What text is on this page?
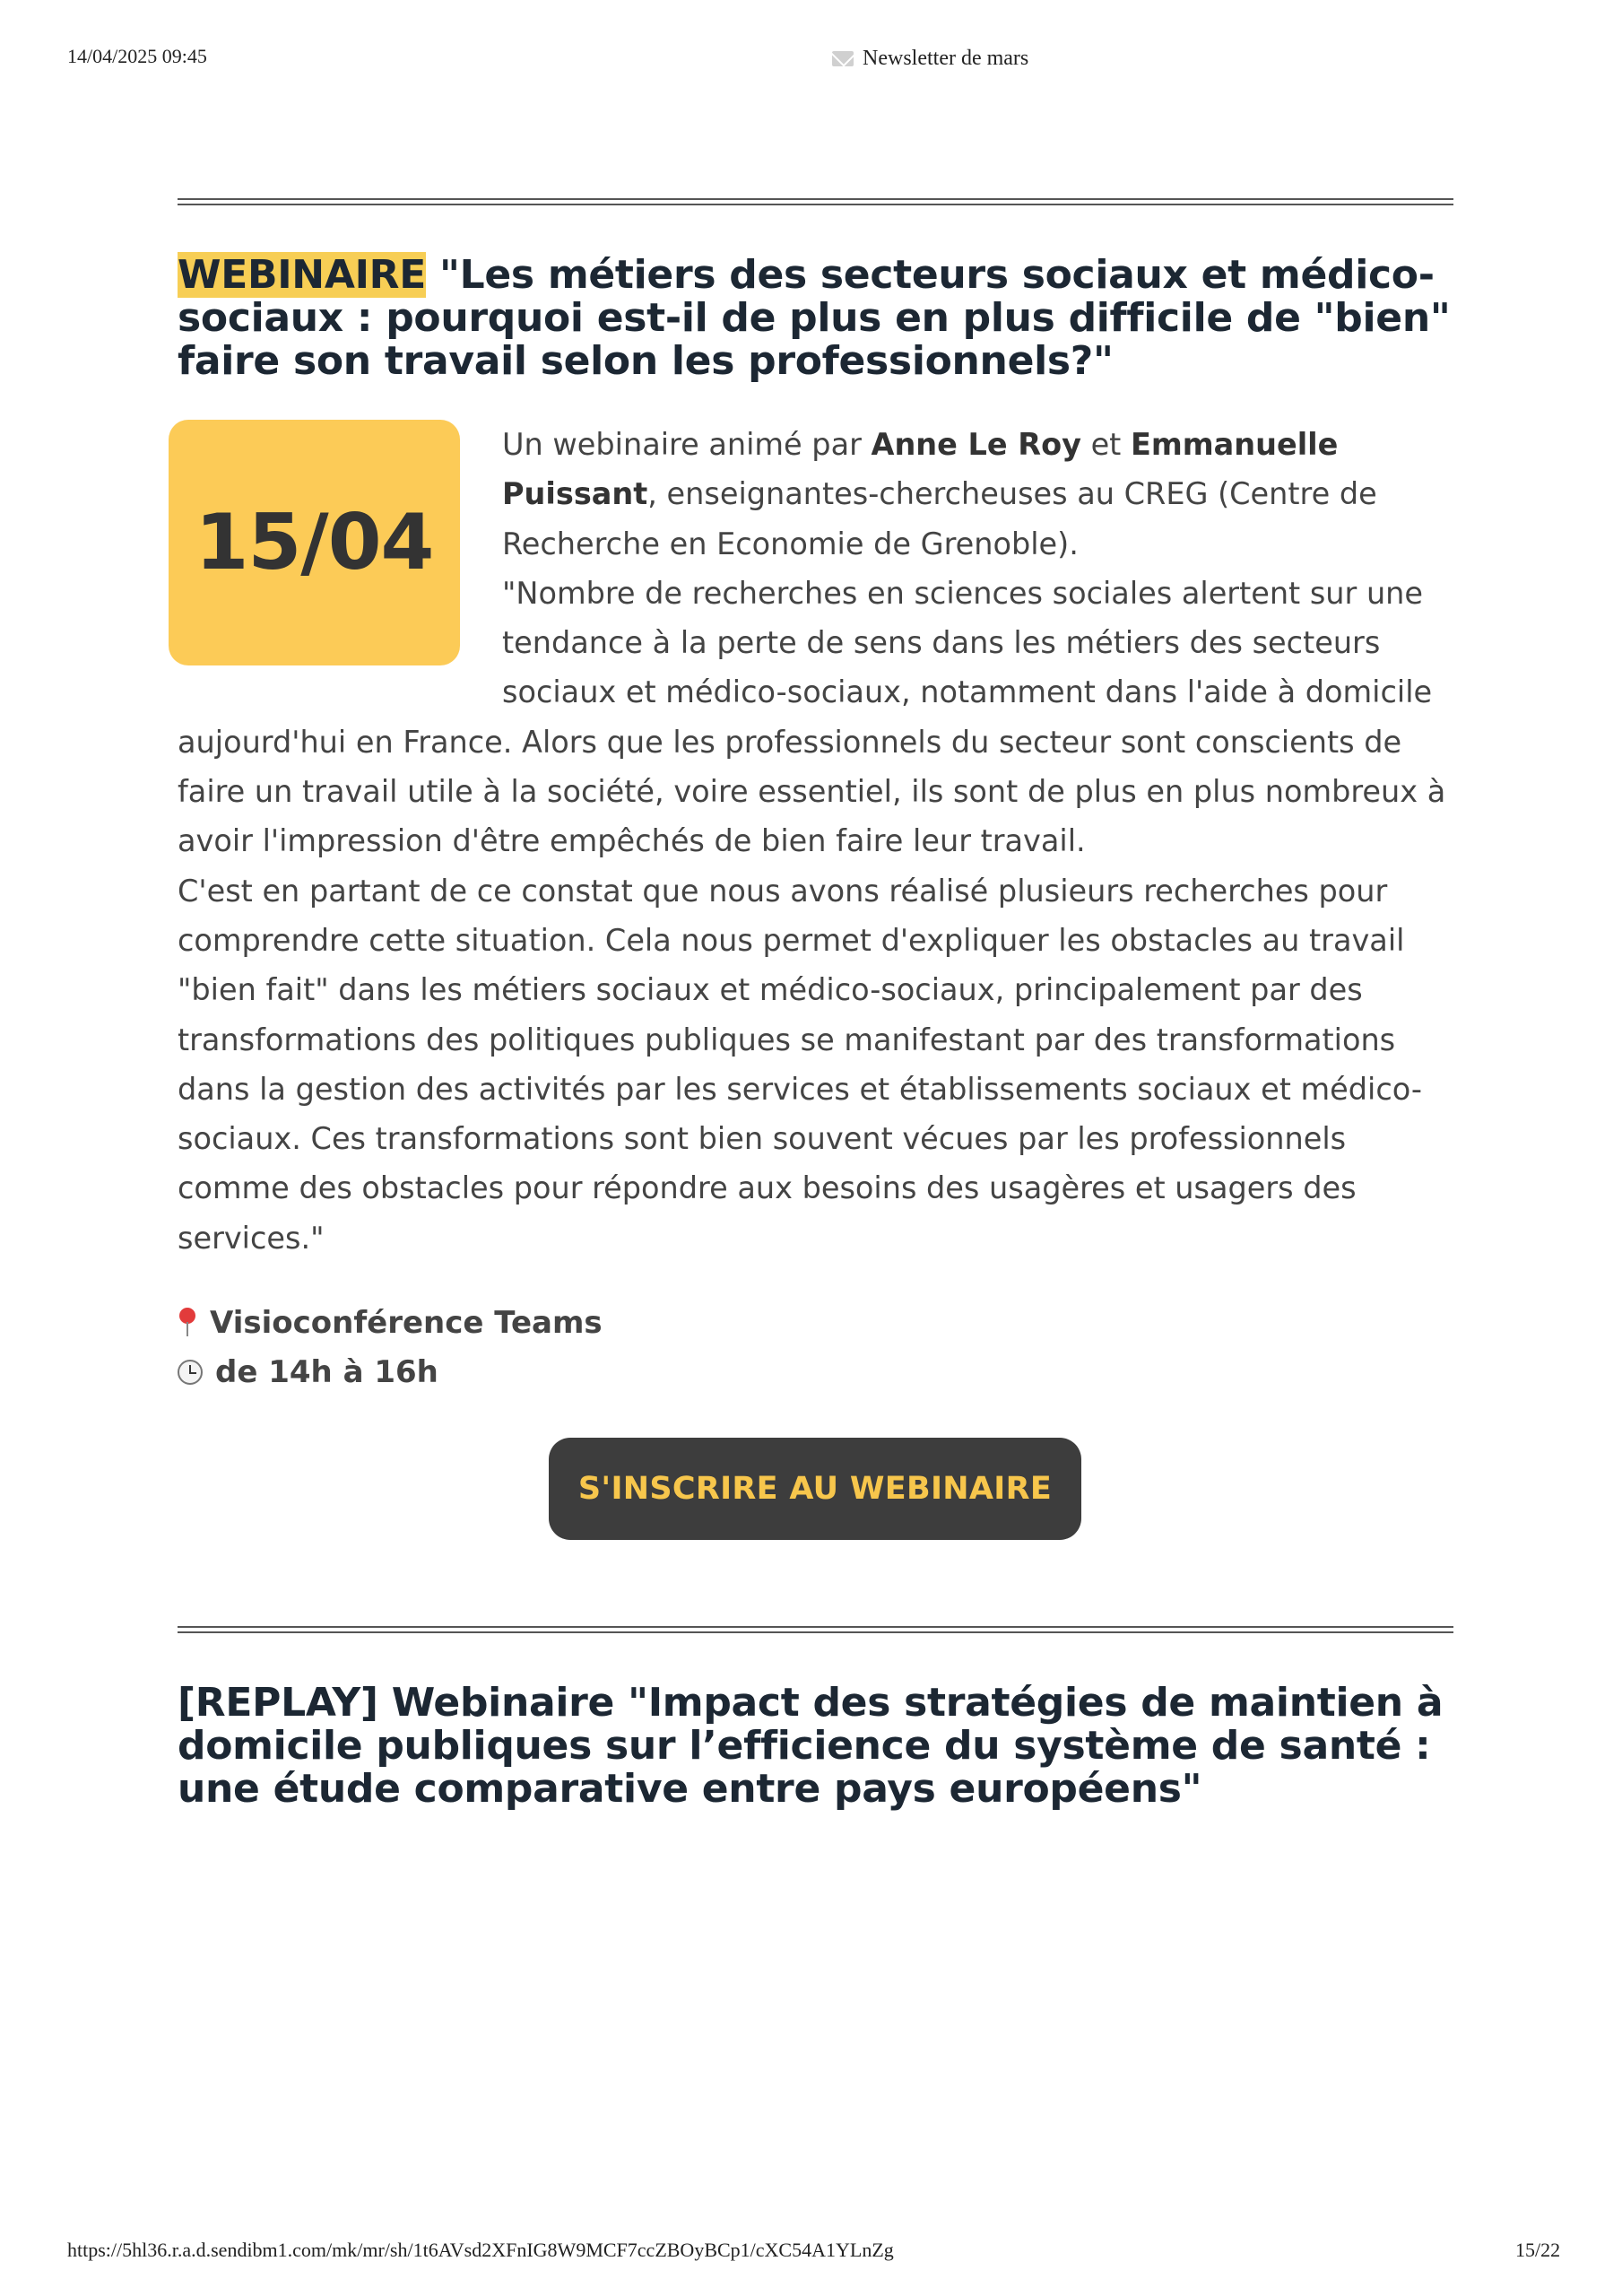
14/04/2025 09:45	Newsletter de mars
WEBINAIRE "Les métiers des secteurs sociaux et médico-sociaux : pourquoi est-il de plus en plus difficile de "bien" faire son travail selon les professionnels?"
15/04

Un webinaire animé par Anne Le Roy et Emmanuelle Puissant, enseignantes-chercheuses au CREG (Centre de Recherche en Economie de Grenoble).

"Nombre de recherches en sciences sociales alertent sur une tendance à la perte de sens dans les métiers des secteurs sociaux et médico-sociaux, notamment dans l'aide à domicile aujourd'hui en France. Alors que les professionnels du secteur sont conscients de faire un travail utile à la société, voire essentiel, ils sont de plus en plus nombreux à avoir l'impression d'être empêchés de bien faire leur travail.

C'est en partant de ce constat que nous avons réalisé plusieurs recherches pour comprendre cette situation. Cela nous permet d'expliquer les obstacles au travail "bien fait" dans les métiers sociaux et médico-sociaux, principalement par des transformations des politiques publiques se manifestant par des transformations dans la gestion des activités par les services et établissements sociaux et médico-sociaux. Ces transformations sont bien souvent vécues par les professionnels comme des obstacles pour répondre aux besoins des usagères et usagers des services."

Visioconférence Teams
de 14h à 16h
S'INSCRIRE AU WEBINAIRE
[REPLAY] Webinaire "Impact des stratégies de maintien à domicile publiques sur l’efficience du système de santé : une étude comparative entre pays européens"
https://5hl36.r.a.d.sendibm1.com/mk/mr/sh/1t6AVsd2XFnIG8W9MCF7ccZBOyBCp1/cXC54A1YLnZg	15/22
